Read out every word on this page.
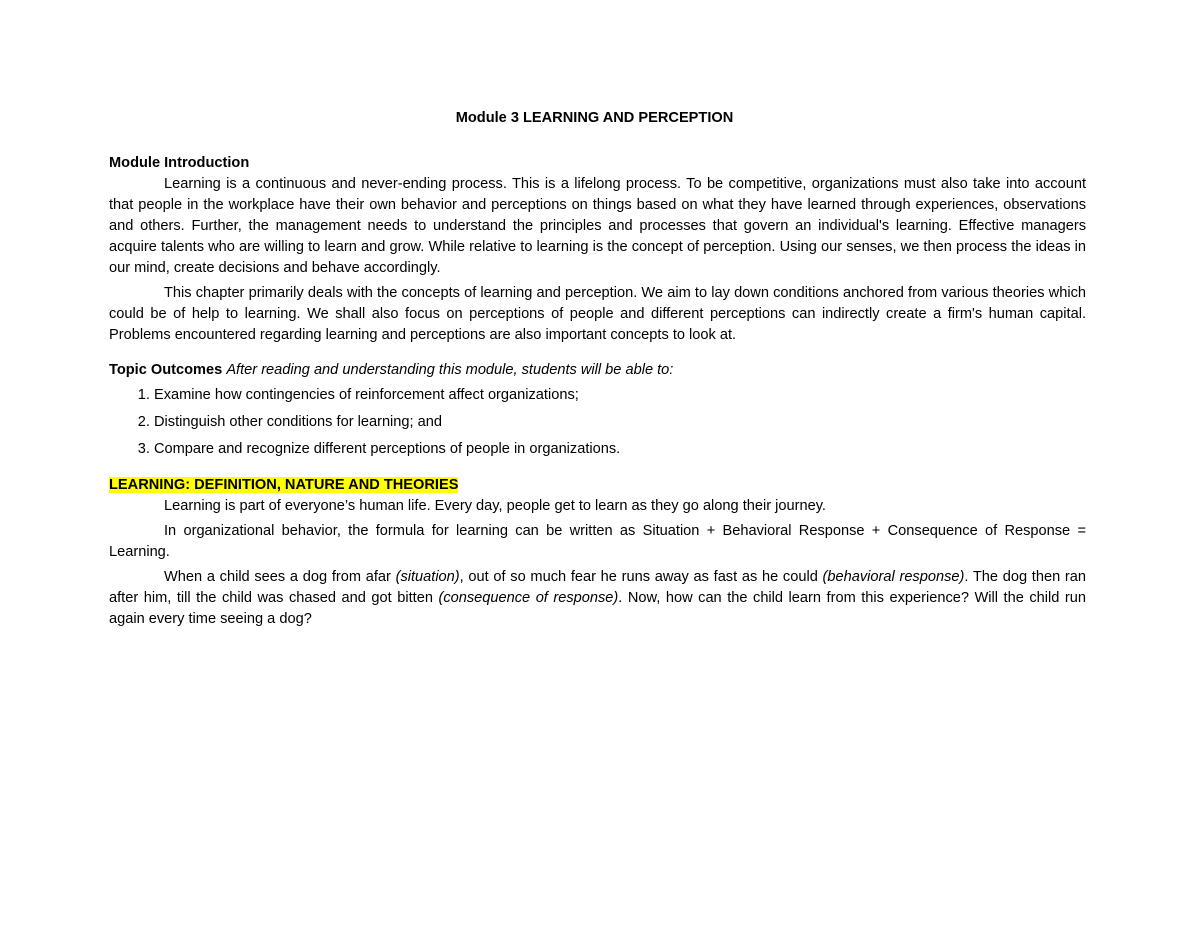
Module 3 LEARNING AND PERCEPTION
Module Introduction

Learning is a continuous and never-ending process. This is a lifelong process. To be competitive, organizations must also take into account that people in the workplace have their own behavior and perceptions on things based on what they have learned through experiences, observations and others. Further, the management needs to understand the principles and processes that govern an individual's learning. Effective managers acquire talents who are willing to learn and grow. While relative to learning is the concept of perception. Using our senses, we then process the ideas in our mind, create decisions and behave accordingly.

This chapter primarily deals with the concepts of learning and perception. We aim to lay down conditions anchored from various theories which could be of help to learning. We shall also focus on perceptions of people and different perceptions can indirectly create a firm's human capital. Problems encountered regarding learning and perceptions are also important concepts to look at.

Topic Outcomes After reading and understanding this module, students will be able to:

1. Examine how contingencies of reinforcement affect organizations;
2. Distinguish other conditions for learning; and
3. Compare and recognize different perceptions of people in organizations.
LEARNING: DEFINITION, NATURE AND THEORIES

Learning is part of everyone’s human life. Every day, people get to learn as they go along their journey.

In organizational behavior, the formula for learning can be written as Situation + Behavioral Response + Consequence of Response = Learning.

When a child sees a dog from afar (situation), out of so much fear he runs away as fast as he could (behavioral response). The dog then ran after him, till the child was chased and got bitten (consequence of response). Now, how can the child learn from this experience? Will the child run again every time seeing a dog?
